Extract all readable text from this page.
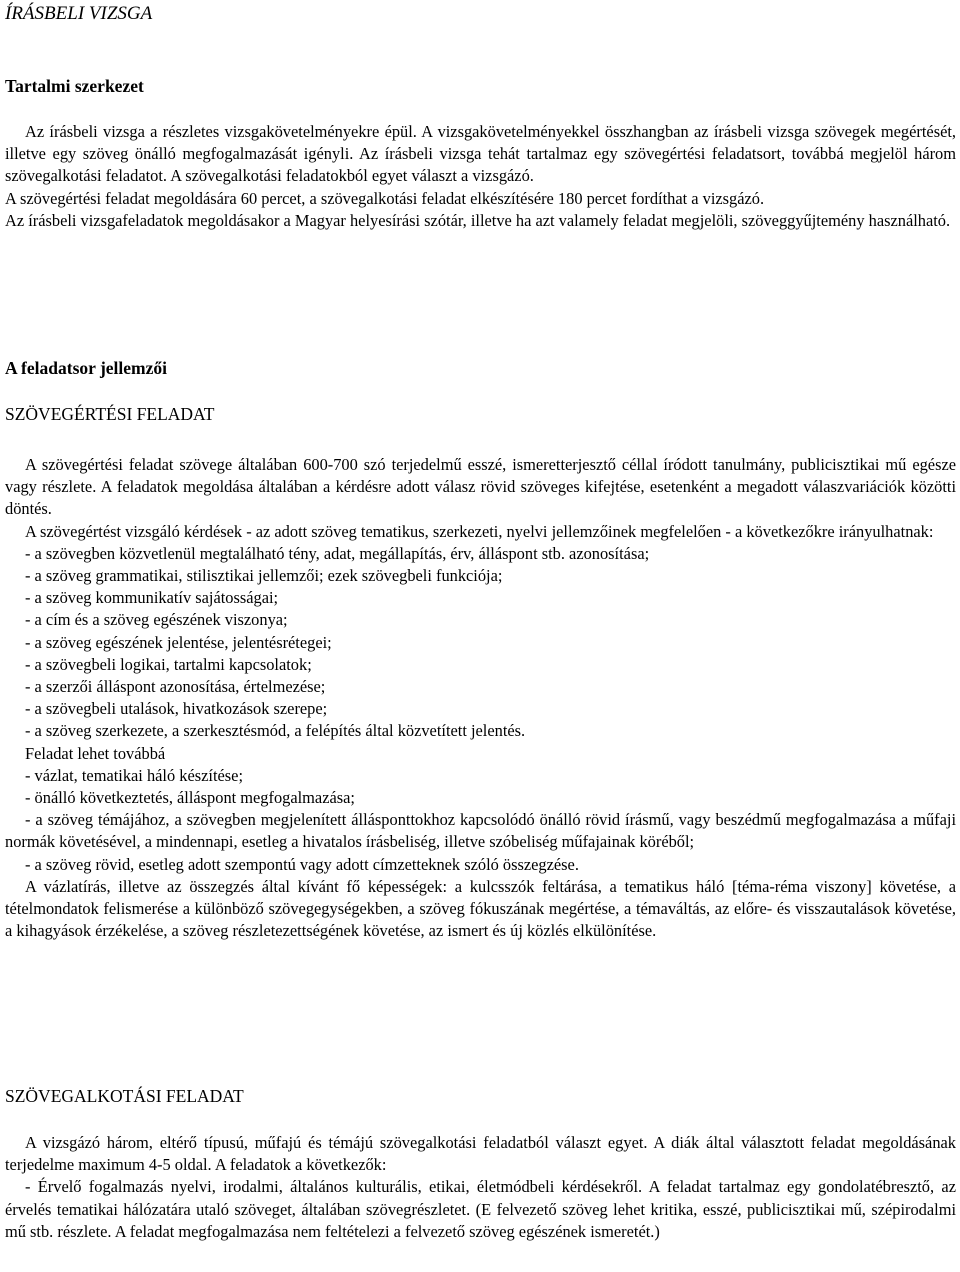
ÍRÁSBELI VIZSGA
Tartalmi szerkezet

Az írásbeli vizsga a részletes vizsgakövetelményekre épül. A vizsgakövetelményekkel összhangban az írásbeli vizsga szövegek megértését, illetve egy szöveg önálló megfogalmazását igényli. Az írásbeli vizsga tehát tartalmaz egy szövegértési feladatsort, továbbá megjelöl három szövegalkotási feladatot. A szövegalkotási feladatokból egyet választ a vizsgázó.

A szövegértési feladat megoldására 60 percet, a szövegalkotási feladat elkészítésére 180 percet fordíthat a vizsgázó.

Az írásbeli vizsgafeladatok megoldásakor a Magyar helyesírási szótár, illetve ha azt valamely feladat megjelöli, szöveggyűjtemény használható.

A feladatsor jellemzői
SZÖVEGÉRTÉSI FELADAT

A szövegértési feladat szövege általában 600-700 szó terjedelmű esszé, ismeretterjesztő céllal íródott tanulmány, publicisztikai mű egésze vagy részlete. A feladatok megoldása általában a kérdésre adott válasz rövid szöveges kifejtése, esetenként a megadott válaszvariációk közötti döntés.

A szövegértést vizsgáló kérdések - az adott szöveg tematikus, szerkezeti, nyelvi jellemzőinek megfelelően - a következőkre irányulhatnak:

- a szövegben közvetlenül megtalálható tény, adat, megállapítás, érv, álláspont stb. azonosítása;
- a szöveg grammatikai, stilisztikai jellemzői; ezek szövegbeli funkciója;
- a szöveg kommunikatív sajátosságai;
- a cím és a szöveg egészének viszonya;
- a szöveg egészének jelentése, jelentésrétegei;
- a szövegbeli logikai, tartalmi kapcsolatok;
- a szerzői álláspont azonosítása, értelmezése;
- a szövegbeli utalások, hivatkozások szerepe;
- a szöveg szerkezete, a szerkesztésmód, a felépítés által közvetített jelentés.
Feladat lehet továbbá
- vázlat, tematikai háló készítése;
- önálló következtetés, álláspont megfogalmazása;
- a szöveg témájához, a szövegben megjelenített állásponttokhoz kapcsolódó önálló rövid írásmű, vagy beszédmű megfogalmazása a műfaji normák követésével, a mindennapi, esetleg a hivatalos írásbeliség, illetve szóbeliség műfajainak köréből;
- a szöveg rövid, esetleg adott szempontú vagy adott címzetteknek szóló összegzése.

A vázlatírás, illetve az összegzés által kívánt fő képességek: a kulcsszók feltárása, a tematikus háló [téma-réma viszony] követése, a tételmondatok felismerése a különböző szövegegységekben, a szöveg fókuszának megértése, a témaváltás, az előre- és visszautalások követése, a kihagyások érzékelése, a szöveg részletezettségének követése, az ismert és új közlés elkülönítése.

SZÖVEGALKOTÁSI FELADAT

A vizsgázó három, eltérő típusú, műfajú és témájú szövegalkotási feladatból választ egyet. A diák által választott feladat megoldásának terjedelme maximum 4-5 oldal. A feladatok a következők:

- Érvelő fogalmazás nyelvi, irodalmi, általános kulturális, etikai, életmódbeli kérdésekről. A feladat tartalmaz egy gondolatébresztő, az érvelés tematikai hálózatára utaló szöveget, általában szövegrészletet. (E felvezető szöveg lehet kritika, esszé, publicisztikai mű, szépirodalmi mű stb. részlete. A feladat megfogalmazása nem feltételezi a felvezető szöveg egészének ismeretét.)
